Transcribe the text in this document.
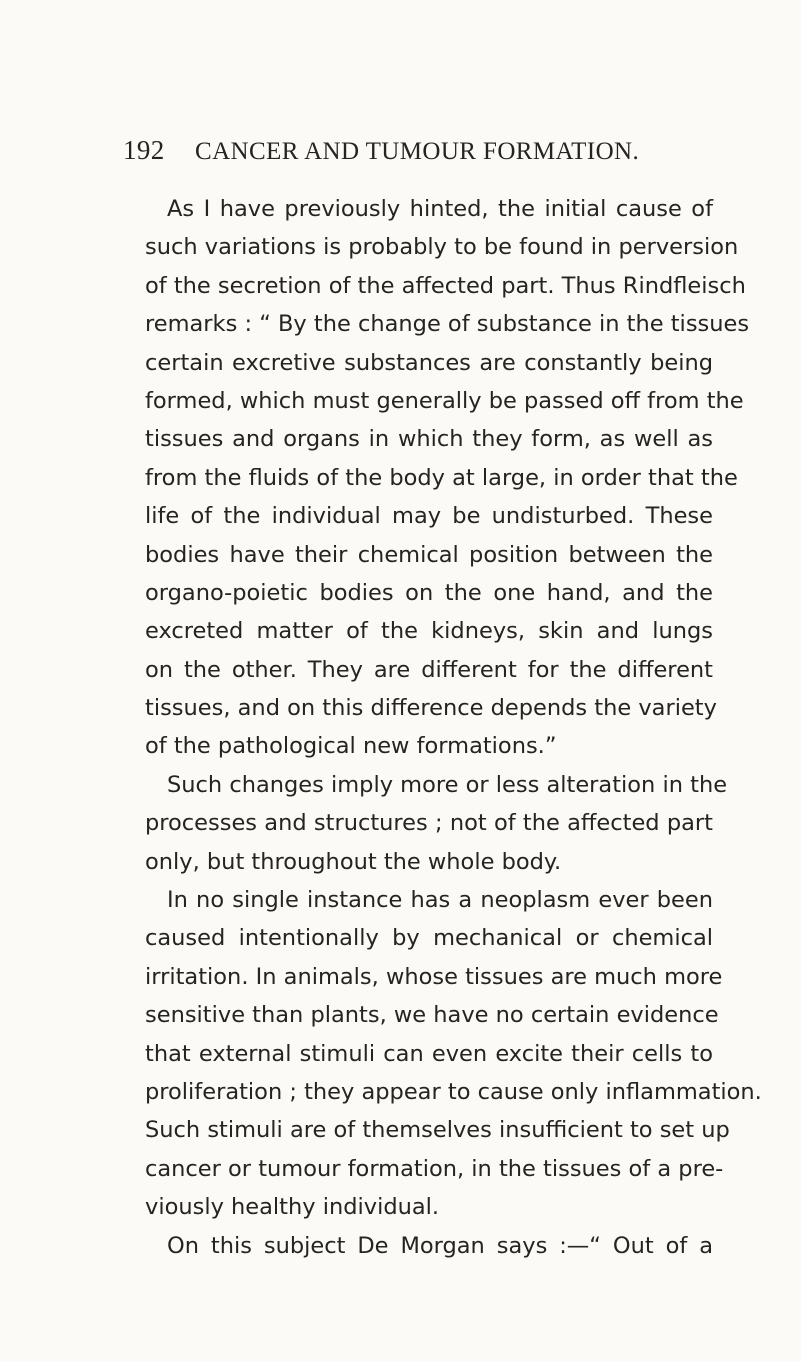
192 CANCER AND TUMOUR FORMATION.
As I have previously hinted, the initial cause of
such variations is probably to be found in perversion
of the secretion of the affected part. Thus Rindfleisch
remarks : “ By the change of substance in the tissues
certain excretive substances are constantly being
formed, which must generally be passed off from the
tissues and organs in which they form, as well as
from the fluids of the body at large, in order that the
life of the individual may be undisturbed. These
bodies have their chemical position between the
organo-poietic bodies on the one hand, and the
excreted matter of the kidneys, skin and lungs
on the other. They are different for the different
tissues, and on this difference depends the variety
of the pathological new formations.”
Such changes imply more or less alteration in the
processes and structures ; not of the affected part
only, but throughout the whole body.
In no single instance has a neoplasm ever been
caused intentionally by mechanical or chemical
irritation. In animals, whose tissues are much more
sensitive than plants, we have no certain evidence
that external stimuli can even excite their cells to
proliferation ; they appear to cause only inflammation.
Such stimuli are of themselves insufficient to set up
cancer or tumour formation, in the tissues of a pre-
viously healthy individual.
On this subject De Morgan says :—“ Out of a
